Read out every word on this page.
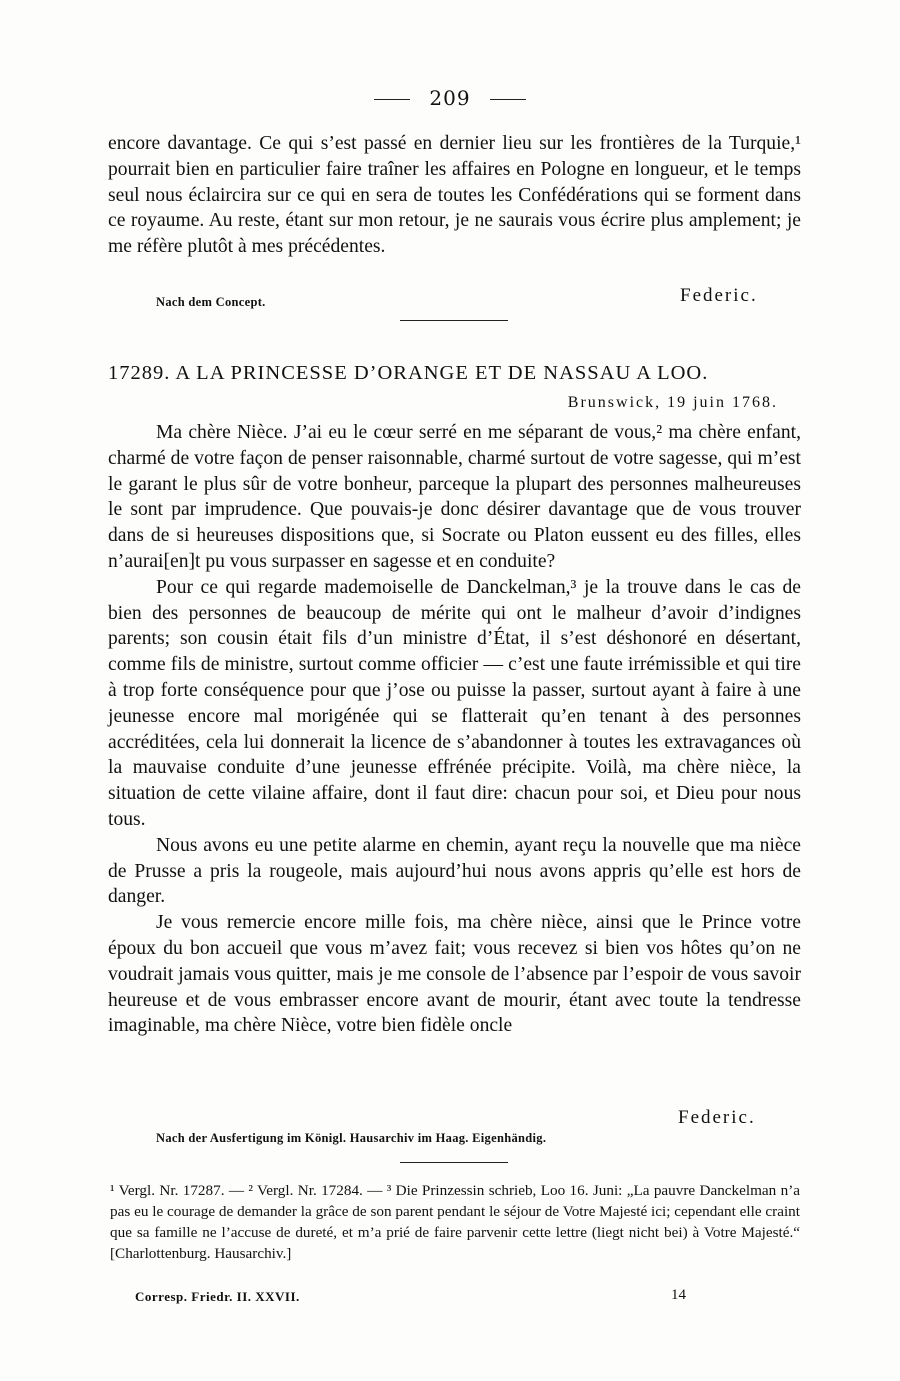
209

encore davantage. Ce qui s’est passé en dernier lieu sur les frontières de la Turquie,¹ pourrait bien en particulier faire traîner les affaires en Pologne en longueur, et le temps seul nous éclaircira sur ce qui en sera de toutes les Confédérations qui se forment dans ce royaume. Au reste, étant sur mon retour, je ne saurais vous écrire plus amplement; je me réfère plutôt à mes précédentes.

Nach dem Concept.	Federic.
17289. A LA PRINCESSE D’ORANGE ET DE NASSAU A LOO.
Brunswick, 19 juin 1768.

Ma chère Nièce. J’ai eu le cœur serré en me séparant de vous,² ma chère enfant, charmé de votre façon de penser raisonnable, charmé surtout de votre sagesse, qui m’est le garant le plus sûr de votre bonheur, parceque la plupart des personnes malheureuses le sont par imprudence. Que pouvais-je donc désirer davantage que de vous trouver dans de si heureuses dispositions que, si Socrate ou Platon eussent eu des filles, elles n’aurai[en]t pu vous surpasser en sagesse et en conduite?

Pour ce qui regarde mademoiselle de Danckelman,³ je la trouve dans le cas de bien des personnes de beaucoup de mérite qui ont le malheur d’avoir d’indignes parents; son cousin était fils d’un ministre d’État, il s’est déshonoré en désertant, comme fils de ministre, surtout comme officier — c’est une faute irrémissible et qui tire à trop forte conséquence pour que j’ose ou puisse la passer, surtout ayant à faire à une jeunesse encore mal morigénée qui se flatterait qu’en tenant à des personnes accréditées, cela lui donnerait la licence de s’abandonner à toutes les extravagances où la mauvaise conduite d’une jeunesse effrénée précipite. Voilà, ma chère nièce, la situation de cette vilaine affaire, dont il faut dire: chacun pour soi, et Dieu pour nous tous.

Nous avons eu une petite alarme en chemin, ayant reçu la nouvelle que ma nièce de Prusse a pris la rougeole, mais aujourd’hui nous avons appris qu’elle est hors de danger.

Je vous remercie encore mille fois, ma chère nièce, ainsi que le Prince votre époux du bon accueil que vous m’avez fait; vous recevez si bien vos hôtes qu’on ne voudrait jamais vous quitter, mais je me console de l’absence par l’espoir de vous savoir heureuse et de vous embrasser encore avant de mourir, étant avec toute la tendresse imaginable, ma chère Nièce, votre bien fidèle oncle

Federic.
Nach der Ausfertigung im Königl. Hausarchiv im Haag. Eigenhändig.
¹ Vergl. Nr. 17287. — ² Vergl. Nr. 17284. — ³ Die Prinzessin schrieb, Loo 16. Juni: „La pauvre Danckelman n’a pas eu le courage de demander la grâce de son parent pendant le séjour de Votre Majesté ici; cependant elle craint que sa famille ne l’accuse de dureté, et m’a prié de faire parvenir cette lettre (liegt nicht bei) à Votre Majesté.“ [Charlottenburg. Hausarchiv.]
Corresp. Friedr. II. XXVII.	14
